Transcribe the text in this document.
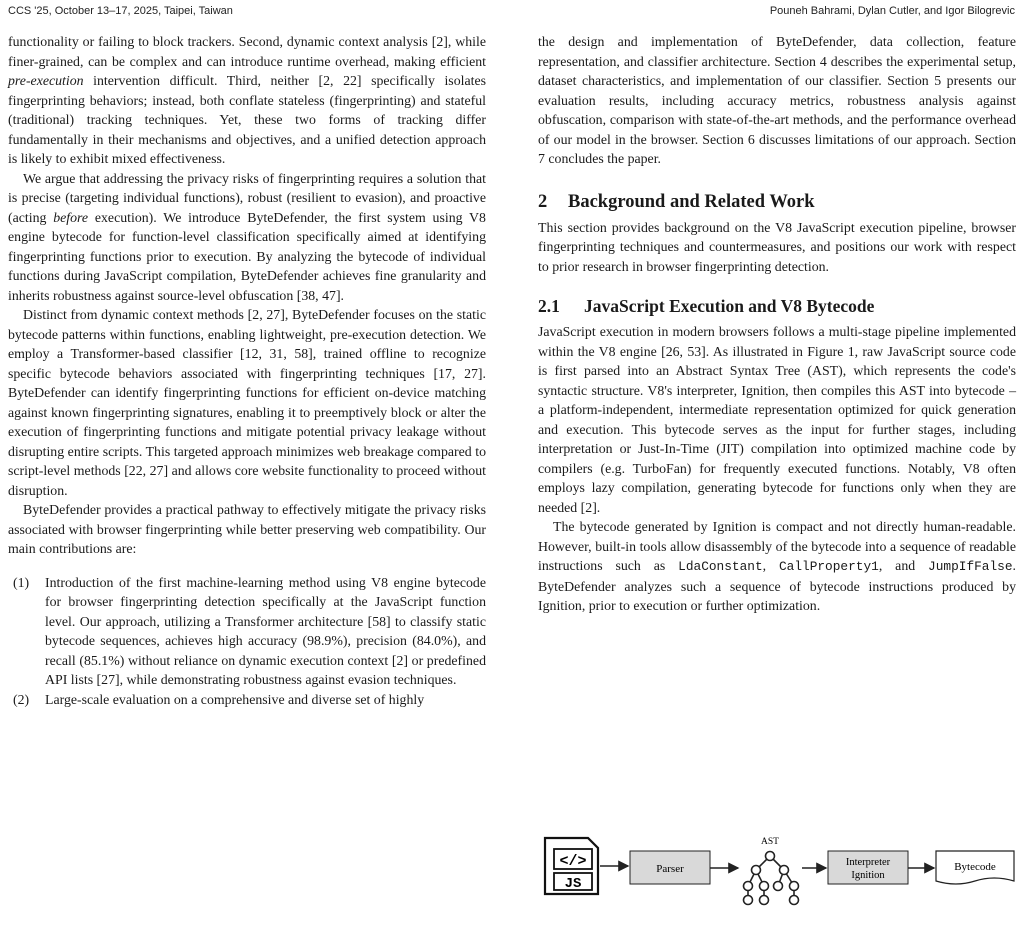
CCS '25, October 13–17, 2025, Taipei, Taiwan	Pouneh Bahrami, Dylan Cutler, and Igor Bilogrevic

functionality or failing to block trackers. Second, dynamic context analysis [2], while finer-grained, can be complex and can introduce runtime overhead, making efficient pre-execution intervention difficult. Third, neither [2, 22] specifically isolates fingerprinting behaviors; instead, both conflate stateless (fingerprinting) and stateful (traditional) tracking techniques. Yet, these two forms of tracking differ fundamentally in their mechanisms and objectives, and a unified detection approach is likely to exhibit mixed effectiveness.

We argue that addressing the privacy risks of fingerprinting requires a solution that is precise (targeting individual functions), robust (resilient to evasion), and proactive (acting before execution). We introduce ByteDefender, the first system using V8 engine bytecode for function-level classification specifically aimed at identifying fingerprinting functions prior to execution. By analyzing the bytecode of individual functions during JavaScript compilation, ByteDefender achieves fine granularity and inherits robustness against source-level obfuscation [38, 47].

Distinct from dynamic context methods [2, 27], ByteDefender focuses on the static bytecode patterns within functions, enabling lightweight, pre-execution detection. We employ a Transformer-based classifier [12, 31, 58], trained offline to recognize specific bytecode behaviors associated with fingerprinting techniques [17, 27]. ByteDefender can identify fingerprinting functions for efficient on-device matching against known fingerprinting signatures, enabling it to preemptively block or alter the execution of fingerprinting functions and mitigate potential privacy leakage without disrupting entire scripts. This targeted approach minimizes web breakage compared to script-level methods [22, 27] and allows core website functionality to proceed without disruption.

ByteDefender provides a practical pathway to effectively mitigate the privacy risks associated with browser fingerprinting while better preserving web compatibility. Our main contributions are:

(1) Introduction of the first machine-learning method using V8 engine bytecode for browser fingerprinting detection specifically at the JavaScript function level. Our approach, utilizing a Transformer architecture [58] to classify static bytecode sequences, achieves high accuracy (98.9%), precision (84.0%), and recall (85.1%) without reliance on dynamic execution context [2] or predefined API lists [27], while demonstrating robustness against evasion techniques.
(2) Large-scale evaluation on a comprehensive and diverse set of highly

the design and implementation of ByteDefender, data collection, feature representation, and classifier architecture. Section 4 describes the experimental setup, dataset characteristics, and implementation of our classifier. Section 5 presents our evaluation results, including accuracy metrics, robustness analysis against obfuscation, comparison with state-of-the-art methods, and the performance overhead of our model in the browser. Section 6 discusses limitations of our approach. Section 7 concludes the paper.

2 Background and Related Work

This section provides background on the V8 JavaScript execution pipeline, browser fingerprinting techniques and countermeasures, and positions our work with respect to prior research in browser fingerprinting detection.

2.1 JavaScript Execution and V8 Bytecode

JavaScript execution in modern browsers follows a multi-stage pipeline implemented within the V8 engine [26, 53]. As illustrated in Figure 1, raw JavaScript source code is first parsed into an Abstract Syntax Tree (AST), which represents the code's syntactic structure. V8's interpreter, Ignition, then compiles this AST into bytecode – a platform-independent, intermediate representation optimized for quick generation and execution. This bytecode serves as the input for further stages, including interpretation or Just-In-Time (JIT) compilation into optimized machine code by compilers (e.g. TurboFan) for frequently executed functions. Notably, V8 often employs lazy compilation, generating bytecode for functions only when they are needed [2].

The bytecode generated by Ignition is compact and not directly human-readable. However, built-in tools allow disassembly of the bytecode into a sequence of readable instructions such as LdaConstant, CallProperty1, and JumpIfFalse. ByteDefender analyzes such a sequence of bytecode instructions produced by Ignition, prior to execution or further optimization.

</>
JS
Parser
AST
Interpreter
Ignition
Bytecode
